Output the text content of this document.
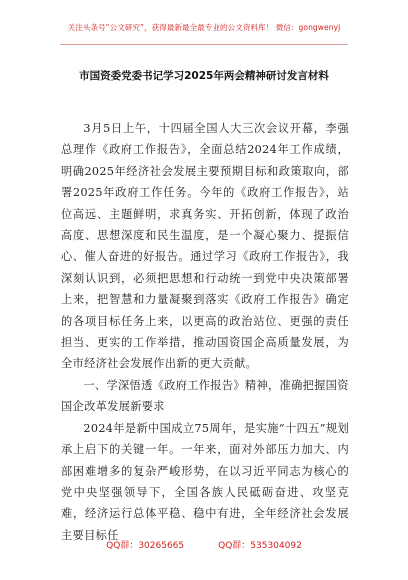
关注头条号“公文研究”，获得最新最全最专业的公文资料库！ 微信：gongwenyj
市国资委党委书记学习2025年两会精神研讨发言材料

3月5日上午，十四届全国人大三次会议开幕，李强总理作《政府工作报告》，全面总结2024年工作成绩，明确2025年经济社会发展主要预期目标和政策取向，部署2025年政府工作任务。今年的《政府工作报告》，站位高远、主题鲜明，求真务实、开拓创新，体现了政治高度、思想深度和民生温度，是一个凝心聚力、提振信心、催人奋进的好报告。通过学习《政府工作报告》，我深刻认识到，必须把思想和行动统一到党中央决策部署上来，把智慧和力量凝聚到落实《政府工作报告》确定的各项目标任务上来，以更高的政治站位、更强的责任担当、更实的工作举措，推动国资国企高质量发展，为全市经济社会发展作出新的更大贡献。

一、学深悟透《政府工作报告》精神，准确把握国资国企改革发展新要求

2024年是新中国成立75周年，是实施“十四五”规划承上启下的关键一年。一年来，面对外部压力加大、内部困难增多的复杂严峻形势，在以习近平同志为核心的党中央坚强领导下，全国各族人民砥砺奋进、攻坚克难，经济运行总体平稳、稳中有进，全年经济社会发展主要目标任

QQ群：30265665	QQ群：535304092
